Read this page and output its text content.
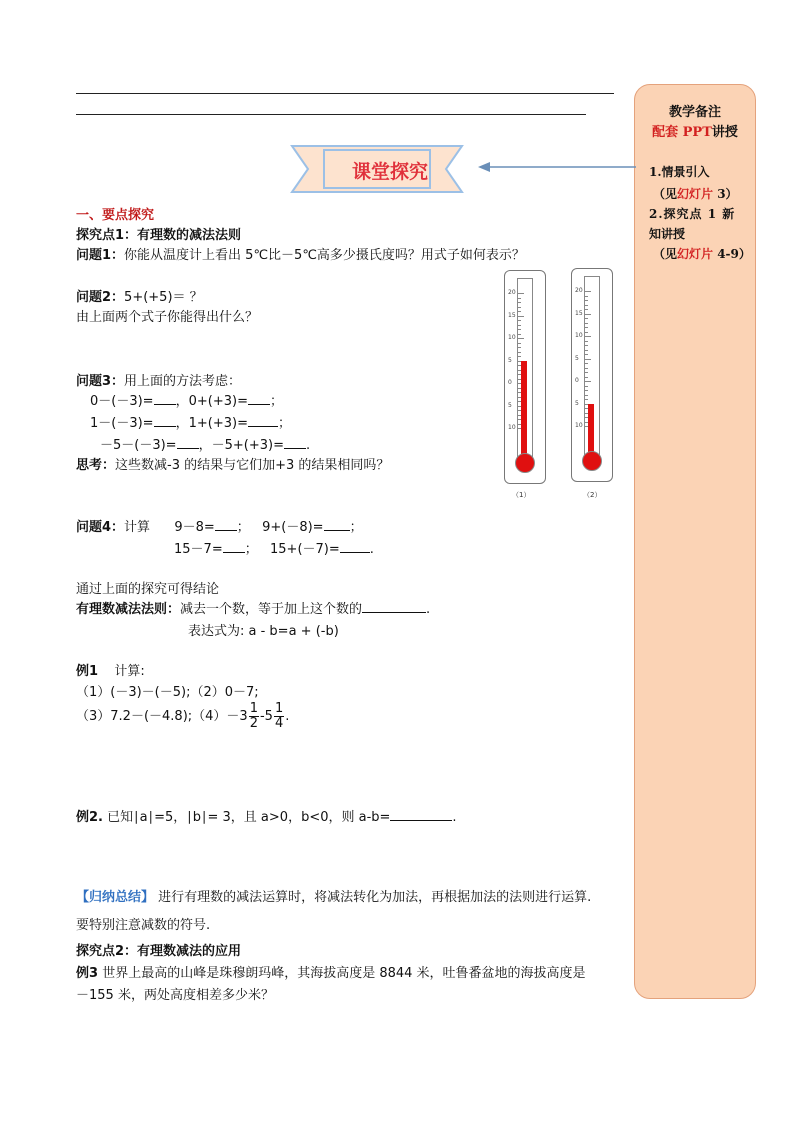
教学备注
配套 PPT讲授
1.情景引入
（见幻灯片 3）
2.探究点 1 新
知讲授
（见幻灯片 4-9）
课堂探究
一、要点探究
探究点1：有理数的减法法则
问题1：你能从温度计上看出 5℃比－5℃高多少摄氏度吗？用式子如何表示？
问题2：5+(+5)＝ ？
由上面两个式子你能得出什么？
问题3：用上面的方法考虑：
0－(－3)= ，0+(+3)= ；
1－(－3)= ，1+(+3)= ；
－5－(－3)= ，－5+(+3)= .
思考：这些数减-3 的结果与它们加+3 的结果相同吗？
问题4：计算 9－8= ； 9+(－8)= ；
15－7= ； 15+(－7)= .
通过上面的探究可得结论
有理数减法法则：减去一个数，等于加上这个数的	.
表达式为: a - b=a + (-b)
例1 计算:
（1）(－3)－(－5);（2）0－7;
（3）7.2－(－4.8);（4）－3 $\frac{1}{2} -5 \frac{1}{4}$ .
例2. 已知∣a∣=5，∣b∣= 3，且 a>0，b<0，则 a-b=	.
【归纳总结】 进行有理数的减法运算时，将减法转化为加法，再根据加法的法则进行运算.
要特别注意减数的符号.
探究点2：有理数减法的应用
例3 世界上最高的山峰是珠穆朗玛峰，其海拔高度是 8844 米，吐鲁番盆地的海拔高度是
－155 米，两处高度相差多少米？
20
15
10
5
0
5
10
（1）
20
15
10
5
0
5
10
（2）
